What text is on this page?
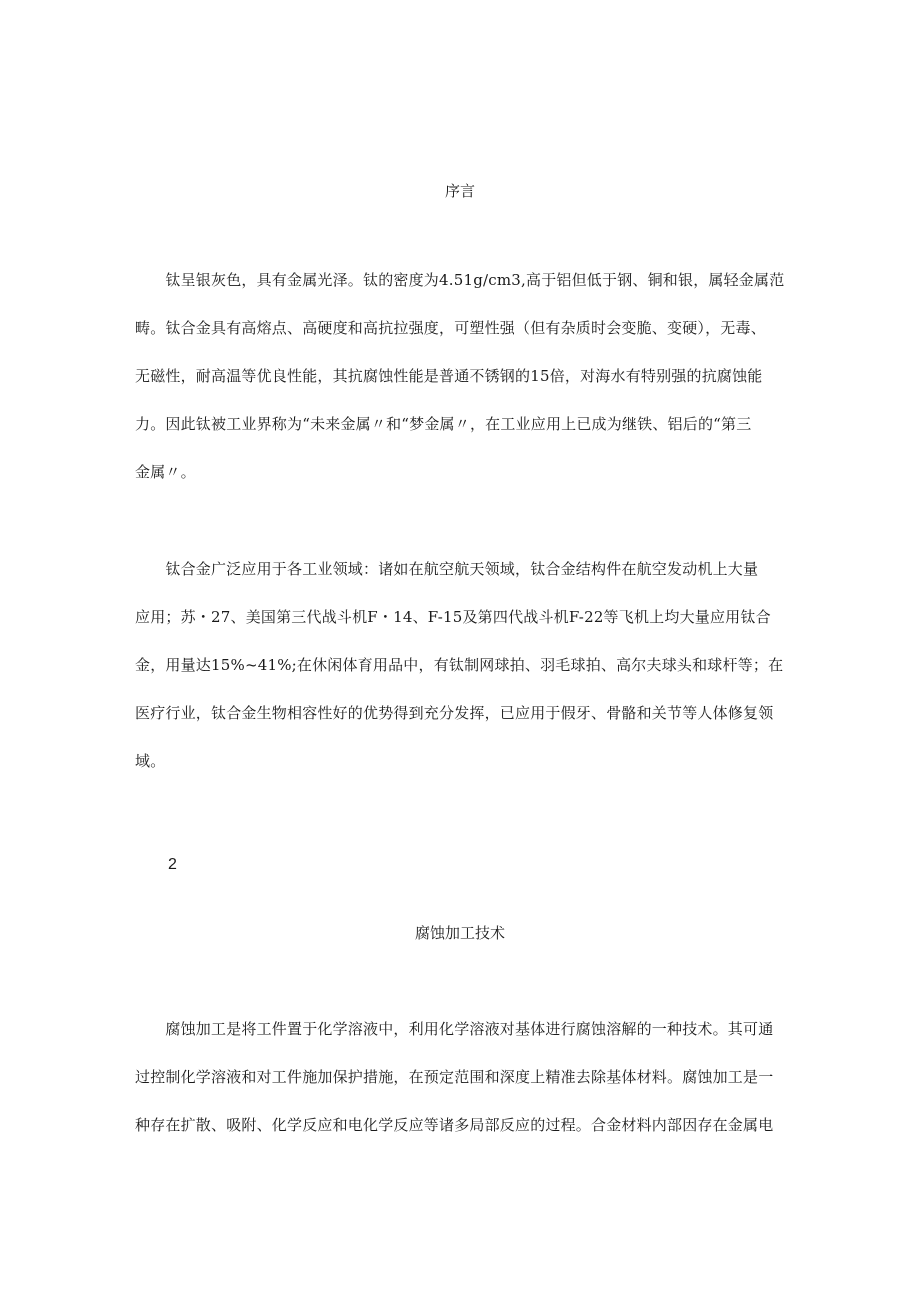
序言
　　钛呈银灰色，具有金属光泽。钛的密度为4.51g∕cm3,高于铝但低于钢、铜和银，属轻金属范
畴。钛合金具有高熔点、高硬度和高抗拉强度，可塑性强（但有杂质时会变脆、变硬），无毒、
无磁性，耐高温等优良性能，其抗腐蚀性能是普通不锈钢的15倍，对海水有特别强的抗腐蚀能
力。因此钛被工业界称为“未来金属〃和“梦金属〃，在工业应用上已成为继铁、铝后的“第三
金属〃。
　　钛合金广泛应用于各工业领域：诸如在航空航天领域，钛合金结构件在航空发动机上大量
应用；苏・27、美国第三代战斗机F・14、F-15及第四代战斗机F-22等飞机上均大量应用钛合
金，用量达15%~41%;在休闲体育用品中，有钛制网球拍、羽毛球拍、高尔夫球头和球杆等；在
医疗行业，钛合金生物相容性好的优势得到充分发挥，已应用于假牙、骨骼和关节等人体修复领
域。
2
腐蚀加工技术
　　腐蚀加工是将工件置于化学溶液中，利用化学溶液对基体进行腐蚀溶解的一种技术。其可通
过控制化学溶液和对工件施加保护措施，在预定范围和深度上精准去除基体材料。腐蚀加工是一
种存在扩散、吸附、化学反应和电化学反应等诸多局部反应的过程。合金材料内部因存在金属电
